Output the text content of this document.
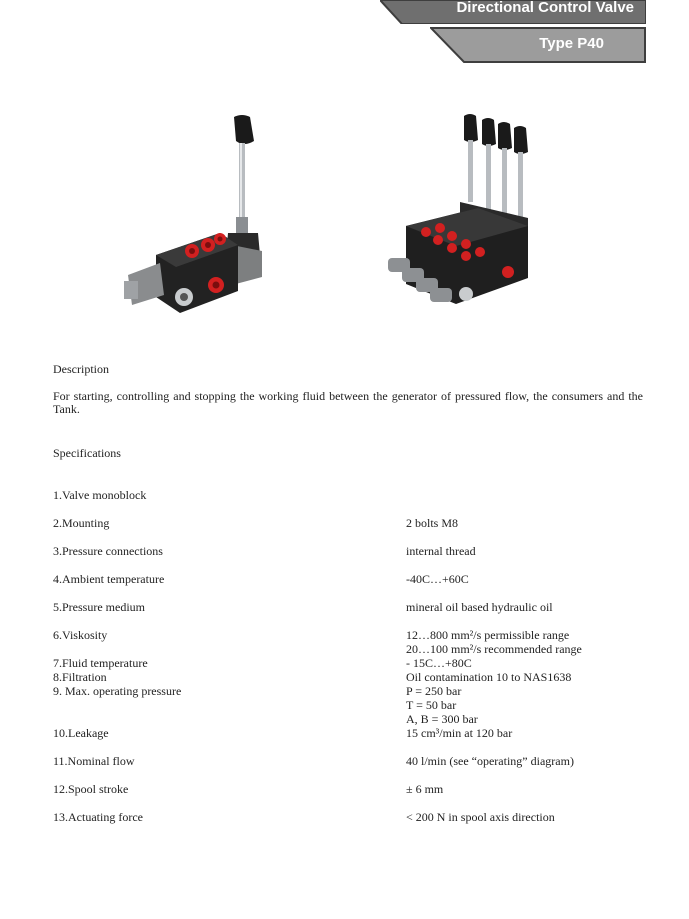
Directional Control Valve
Type P40
Description
For starting, controlling and stopping the working fluid between the generator of pressured flow, the consumers and the Tank.
Specifications
1.Valve monoblock
2.Mounting
3.Pressure connections
4.Ambient temperature
5.Pressure medium
6.Viskosity
7.Fluid temperature
8.Filtration
9. Max. operating pressure
10.Leakage
11.Nominal flow
12.Spool stroke
13.Actuating force
2 bolts M8
internal thread
-40C…+60C
mineral oil based hydraulic oil
12…800 mm²/s permissible range
20…100 mm²/s recommended range
- 15C…+80C
Oil contamination 10 to NAS1638
P = 250 bar
T = 50 bar
A, B = 300 bar
15 cm³/min at 120 bar
40 l/min (see “operating” diagram)
± 6 mm
< 200 N in spool axis direction
